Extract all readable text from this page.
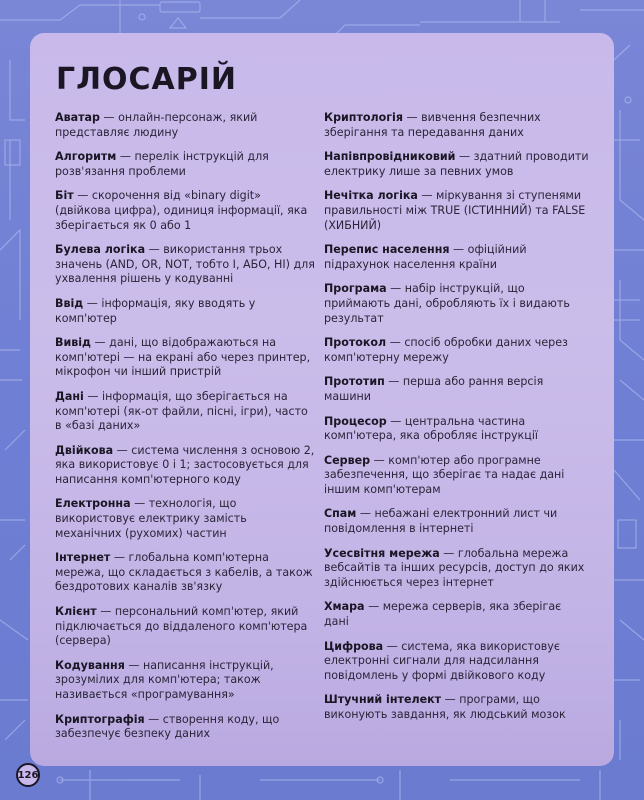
ГЛОСАРІЙ

Аватар — онлайн-персонаж, який представляє людину

Алгоритм — перелік інструкцій для розв'язання проблеми

Біт — скорочення від «binary digit» (двійкова цифра), одиниця інформації, яка зберігається як 0 або 1

Булева логіка — використання трьох значень (AND, OR, NOT, тобто І, АБО, НІ) для ухвалення рішень у кодуванні

Ввід — інформація, яку вводять у комп'ютер

Вивід — дані, що відображаються на комп'ютері — на екрані або через принтер, мікрофон чи інший пристрій

Дані — інформація, що зберігається на комп'ютері (як-от файли, пісні, ігри), часто в «базі даних»

Двійкова — система числення з основою 2, яка використовує 0 і 1; застосовується для написання комп'ютерного коду

Електронна — технологія, що використовує електрику замість механічних (рухомих) частин

Інтернет — глобальна комп'ютерна мережа, що складається з кабелів, а також бездротових каналів зв'язку

Клієнт — персональний комп'ютер, який підключається до віддаленого комп'ютера (сервера)

Кодування — написання інструкцій, зрозумілих для комп'ютера; також називається «програмування»

Криптографія — створення коду, що забезпечує безпеку даних

Криптологія — вивчення безпечних зберігання та передавання даних

Напівпровідниковий — здатний проводити електрику лише за певних умов

Нечітка логіка — міркування зі ступенями правильності між TRUE (ІСТИННИЙ) та FALSE (ХИБНИЙ)

Перепис населення — офіційний підрахунок населення країни

Програма — набір інструкцій, що приймають дані, обробляють їх і видають результат

Протокол — спосіб обробки даних через комп'ютерну мережу

Прототип — перша або рання версія машини

Процесор — центральна частина комп'ютера, яка обробляє інструкції

Сервер — комп'ютер або програмне забезпечення, що зберігає та надає дані іншим комп'ютерам

Спам — небажані електронний лист чи повідомлення в інтернеті

Усесвітня мережа — глобальна мережа вебсайтів та інших ресурсів, доступ до яких здійснюється через інтернет

Хмара — мережа серверів, яка зберігає дані

Цифрова — система, яка використовує електронні сигнали для надсилання повідомлень у формі двійкового коду

Штучний інтелект — програми, що виконують завдання, як людський мозок

126
